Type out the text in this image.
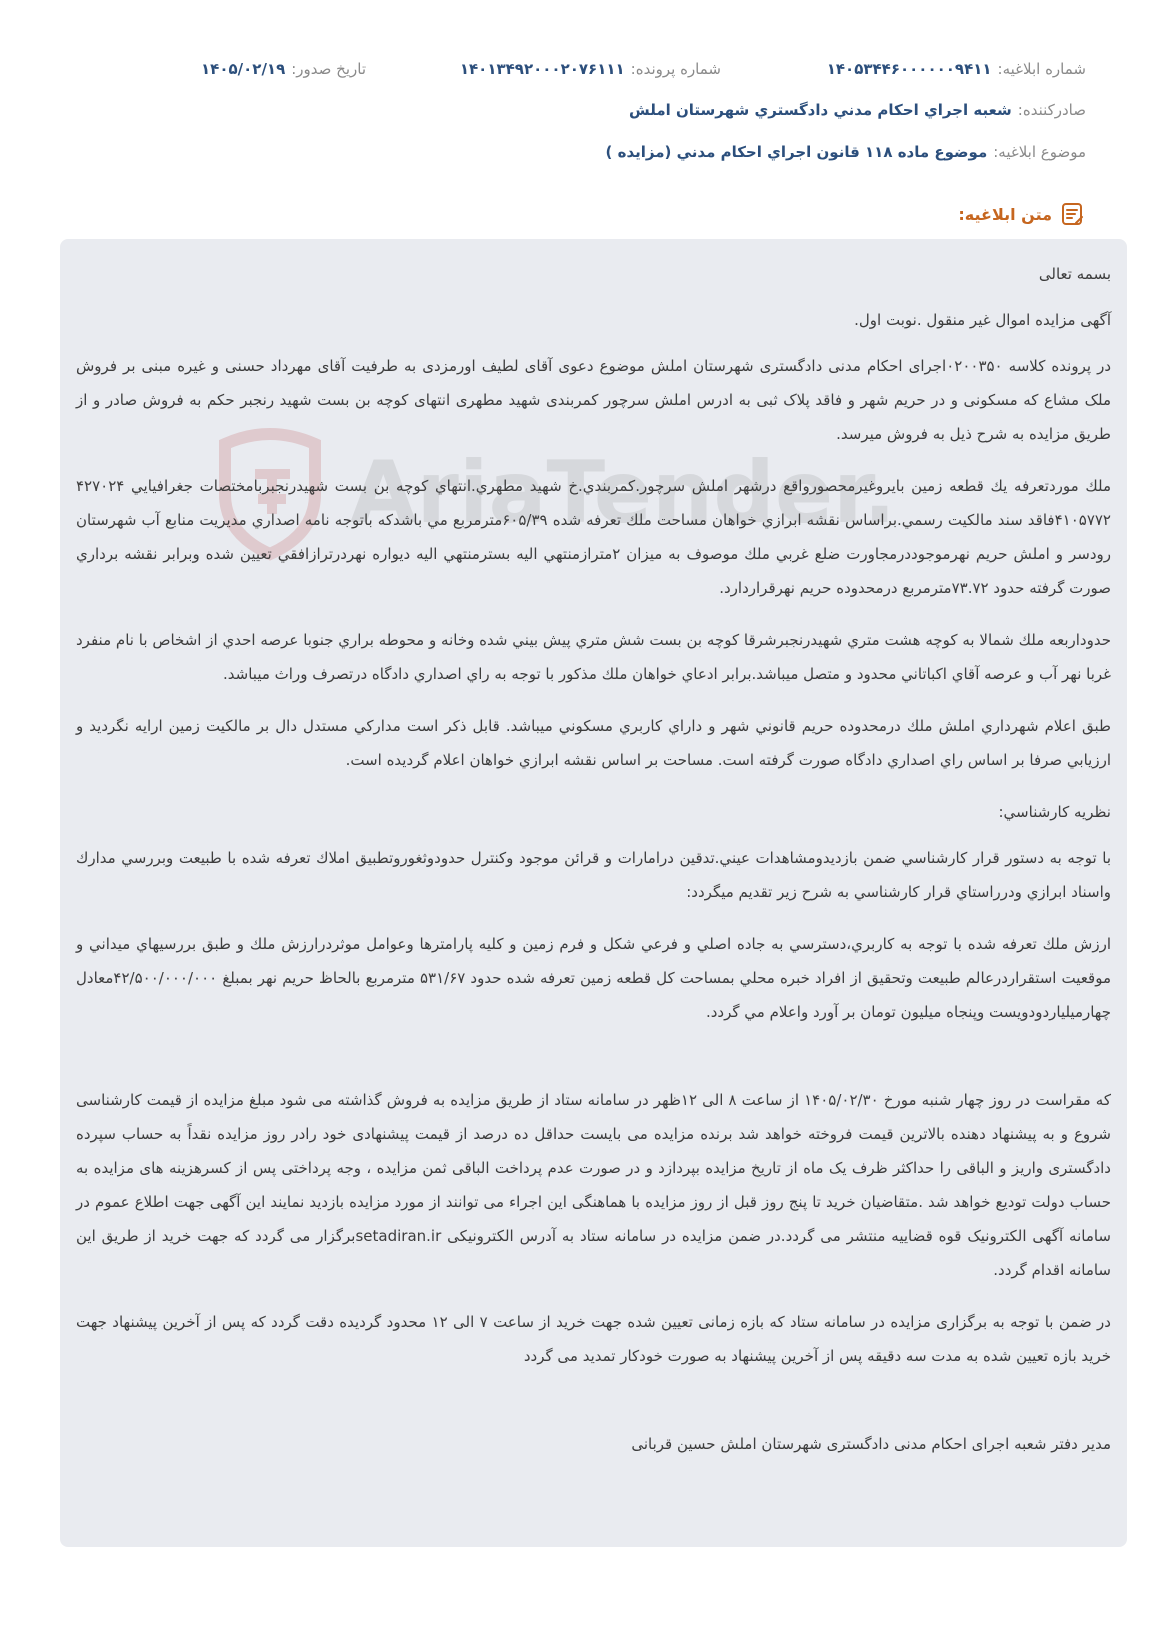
شماره ابلاغیه:
۱۴۰۵۳۴۴۶۰۰۰۰۰۰۹۴۱۱
شماره پرونده:
۱۴۰۱۳۴۹۲۰۰۰۲۰۷۶۱۱۱
تاریخ صدور:
۱۴۰۵/۰۲/۱۹
صادرکننده:
شعبه اجراي احكام مدني دادگستري شهرستان املش
موضوع ابلاغیه:
موضوع ماده ۱۱۸ قانون اجراي احكام مدني (مزايده )
متن ابلاغیه:
AriaTender.

بسمه تعالی

آگهی مزایده اموال غیر منقول .نوبت اول.

در پرونده کلاسه ۰۲۰۰۳۵۰اجرای احکام مدنی دادگستری شهرستان املش موضوع دعوی آقای لطیف اورمزدی به طرفیت آقای مهرداد حسنی و غیره مبنی بر فروش ملک مشاع که مسکونی و در حریم شهر و فاقد پلاک ثبی به ادرس املش سرچور کمربندی شهید مطهری انتهای کوچه بن بست شهید رنجبر حکم به فروش صادر و از طریق مزایده به شرح ذیل به فروش میرسد.

ملك موردتعرفه يك قطعه زمين بايروغيرمحصورواقع درشهر املش سرچور.كمربندي.خ شهيد مطهري.انتهاي كوچه بن بست شهيدرنجبربامختصات جغرافيايي ۴۲۷۰۲۴ ۴۱۰۵۷۷۲فاقد سند مالكيت رسمي.براساس نقشه ابرازي خواهان مساحت ملك تعرفه شده ۶۰۵/۳۹مترمربع مي باشدكه باتوجه نامه اصداري مديريت منابع آب شهرستان رودسر و املش حريم نهرموجوددرمجاورت ضلع غربي ملك موصوف به ميزان ۲مترازمنتهي اليه بسترمنتهي اليه ديواره نهردرترازافقي تعيين شده وبرابر نقشه برداري صورت گرفته حدود ۷۳.۷۲مترمربع درمحدوده حريم نهرقراردارد.

حدوداربعه ملك شمالا به كوچه هشت متري شهيدرنجبرشرقا كوچه بن بست شش متري پيش بيني شده وخانه و محوطه براري جنوبا عرصه احدي از اشخاص با نام منفرد غربا نهر آب و عرصه آقاي اكباتاني محدود و متصل ميباشد.برابر ادعاي خواهان ملك مذكور با توجه به راي اصداري دادگاه درتصرف وراث ميباشد.

طبق اعلام شهرداري املش ملك درمحدوده حريم قانوني شهر و داراي كاربري مسكوني ميباشد. قابل ذكر است مداركي مستدل دال بر مالكيت زمين ارايه نگرديد و ارزيابي صرفا بر اساس راي اصداري دادگاه صورت گرفته است. مساحت بر اساس نقشه ابرازي خواهان اعلام گرديده است.

نظريه كارشناسي:

با توجه به دستور قرار كارشناسي ضمن بازديدومشاهدات عيني.تدقين درامارات و قرائن موجود وكنترل حدودوثغوروتطبيق املاك تعرفه شده با طبيعت وبررسي مدارك واسناد ابرازي ودرراستاي قرار كارشناسي به شرح زير تقديم ميگردد:

ارزش ملك تعرفه شده با توجه به كاربري،دسترسي به جاده اصلي و فرعي شكل و فرم زمين و كليه پارامترها وعوامل موثردرارزش ملك و طبق بررسيهاي ميداني و موقعيت استقراردرعالم طبيعت وتحقيق از افراد خبره محلي بمساحت كل قطعه زمين تعرفه شده حدود ۵۳۱/۶۷ مترمربع بالحاظ حريم نهر بمبلغ ۴۲/۵۰۰/۰۰۰/۰۰۰معادل چهارميلياردودويست وپنجاه ميليون تومان بر آورد واعلام مي گردد.

که مقراست در روز چهار شنبه مورخ ۱۴۰۵/۰۲/۳۰ از ساعت ۸ الی ۱۲ظهر در سامانه ستاد از طریق مزایده به فروش گذاشته می شود مبلغ مزایده از قیمت کارشناسی شروع و به پیشنهاد دهنده بالاترین قیمت فروخته خواهد شد برنده مزایده می بایست حداقل ده درصد از قیمت پیشنهادی خود رادر روز مزایده نقداً به حساب سپرده دادگستری واریز و الباقی را حداکثر ظرف یک ماه از تاریخ مزایده بپردازد و در صورت عدم پرداخت الباقی ثمن مزایده ، وجه پرداختی پس از کسرهزینه های مزایده به حساب دولت تودیع خواهد شد .متقاضیان خرید تا پنج روز قبل از روز مزایده با هماهنگی این اجراء می توانند از مورد مزایده بازدید نمایند این آگهی جهت اطلاع عموم در سامانه آگهی الکترونیک قوه قضاییه منتشر می گردد.در ضمن مزایده در سامانه ستاد به آدرس الکترونیکی setadiran.irبرگزار می گردد که جهت خرید از طریق این سامانه اقدام گردد.

در ضمن با توجه به برگزاری مزایده در سامانه ستاد که بازه زمانی تعیین شده جهت خرید از ساعت ۷ الی ۱۲ محدود گردیده دقت گردد که پس از آخرین پیشنهاد جهت خرید بازه تعیین شده به مدت سه دقیقه پس از آخرین پیشنهاد به صورت خودکار تمدید می گردد

مدیر دفتر شعبه اجرای احکام مدنی دادگستری شهرستان املش حسین قربانی
